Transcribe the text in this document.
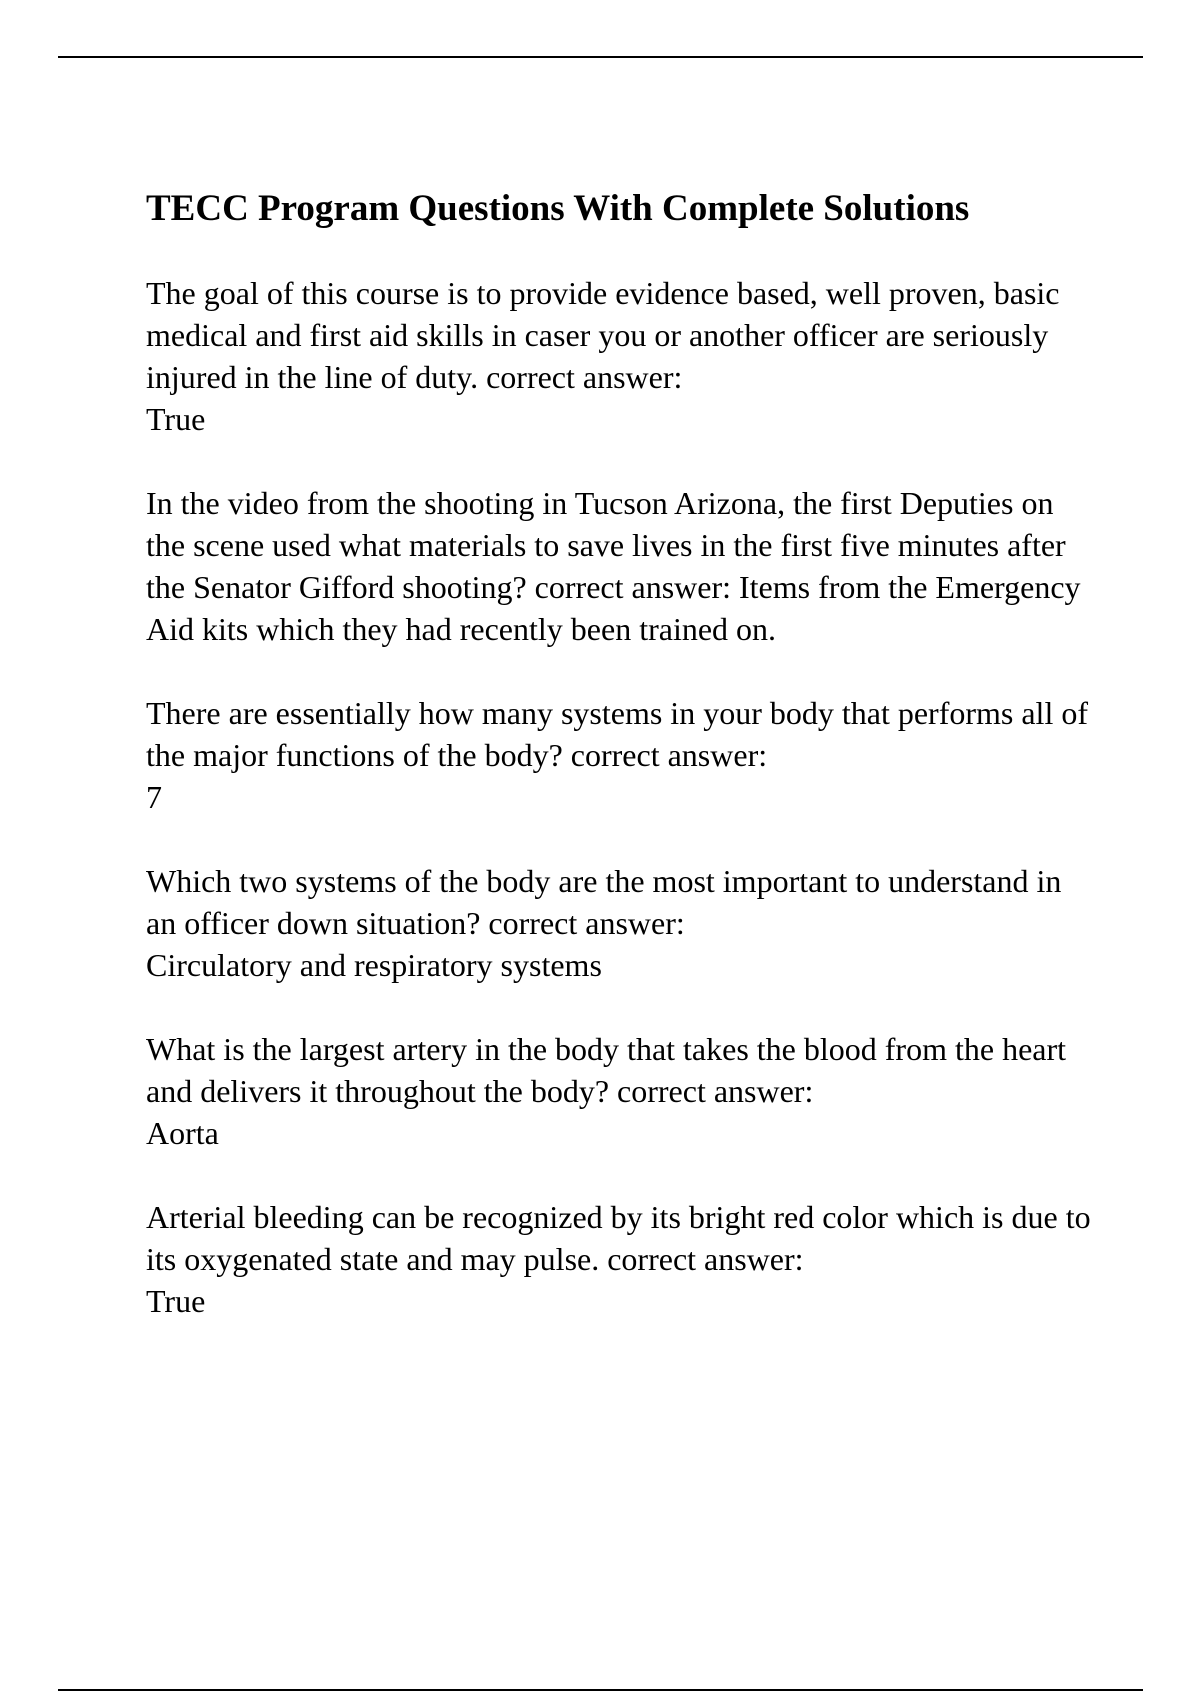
TECC Program Questions With Complete Solutions

The goal of this course is to provide evidence based, well proven, basic medical and first aid skills in caser you or another officer are seriously injured in the line of duty. correct answer:
True

In the video from the shooting in Tucson Arizona, the first Deputies on the scene used what materials to save lives in the first five minutes after the Senator Gifford shooting? correct answer: Items from the Emergency Aid kits which they had recently been trained on.

There are essentially how many systems in your body that performs all of the major functions of the body? correct answer:
7

Which two systems of the body are the most important to understand in an officer down situation? correct answer:
Circulatory and respiratory systems

What is the largest artery in the body that takes the blood from the heart and delivers it throughout the body? correct answer:
Aorta

Arterial bleeding can be recognized by its bright red color which is due to its oxygenated state and may pulse. correct answer:
True
